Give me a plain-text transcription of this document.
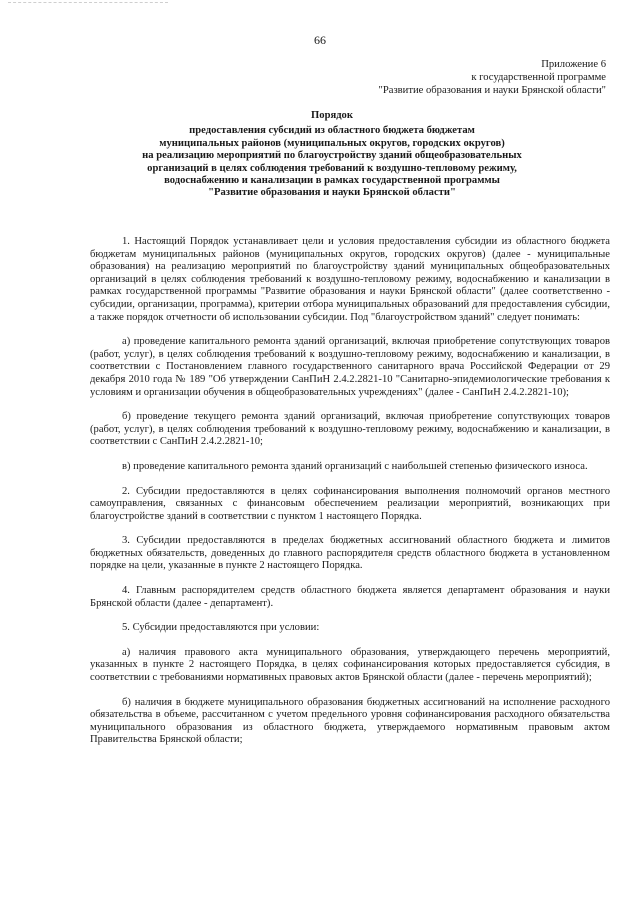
66
Приложение 6
к государственной программе
"Развитие образования и науки Брянской области"
Порядок
предоставления субсидий из областного бюджета бюджетам
муниципальных районов (муниципальных округов, городских округов)
на реализацию мероприятий по благоустройству зданий общеобразовательных
организаций в целях соблюдения требований к воздушно-тепловому режиму,
водоснабжению и канализации в рамках государственной программы
"Развитие образования и науки Брянской области"

1. Настоящий Порядок устанавливает цели и условия предоставления субсидии из областного бюджета бюджетам муниципальных районов (муниципальных округов, городских округов) (далее - муниципальные образования) на реализацию мероприятий по благоустройству зданий муниципальных общеобразовательных организаций в целях соблюдения требований к воздушно-тепловому режиму, водоснабжению и канализации в рамках государственной программы "Развитие образования и науки Брянской области" (далее соответственно - субсидии, организации, программа), критерии отбора муниципальных образований для предоставления субсидии, а также порядок отчетности об использовании субсидии. Под "благоустройством зданий" следует понимать:

а) проведение капитального ремонта зданий организаций, включая приобретение сопутствующих товаров (работ, услуг), в целях соблюдения требований к воздушно-тепловому режиму, водоснабжению и канализации, в соответствии с Постановлением главного государственного санитарного врача Российской Федерации от 29 декабря 2010 года № 189 "Об утверждении СанПиН 2.4.2.2821-10 "Санитарно-эпидемиологические требования к условиям и организации обучения в общеобразовательных учреждениях" (далее - СанПиН 2.4.2.2821-10);

б) проведение текущего ремонта зданий организаций, включая приобретение сопутствующих товаров (работ, услуг), в целях соблюдения требований к воздушно-тепловому режиму, водоснабжению и канализации, в соответствии с СанПиН 2.4.2.2821-10;

в) проведение капитального ремонта зданий организаций с наибольшей степенью физического износа.

2. Субсидии предоставляются в целях софинансирования выполнения полномочий органов местного самоуправления, связанных с финансовым обеспечением реализации мероприятий, возникающих при благоустройстве зданий в соответствии с пунктом 1 настоящего Порядка.

3. Субсидии предоставляются в пределах бюджетных ассигнований областного бюджета и лимитов бюджетных обязательств, доведенных до главного распорядителя средств областного бюджета в установленном порядке на цели, указанные в пункте 2 настоящего Порядка.

4. Главным распорядителем средств областного бюджета является департамент образования и науки Брянской области (далее - департамент).

5. Субсидии предоставляются при условии:

а) наличия правового акта муниципального образования, утверждающего перечень мероприятий, указанных в пункте 2 настоящего Порядка, в целях софинансирования которых предоставляется субсидия, в соответствии с требованиями нормативных правовых актов Брянской области (далее - перечень мероприятий);

б) наличия в бюджете муниципального образования бюджетных ассигнований на исполнение расходного обязательства в объеме, рассчитанном с учетом предельного уровня софинансирования расходного обязательства муниципального образования из областного бюджета, утверждаемого нормативным правовым актом Правительства Брянской области;
